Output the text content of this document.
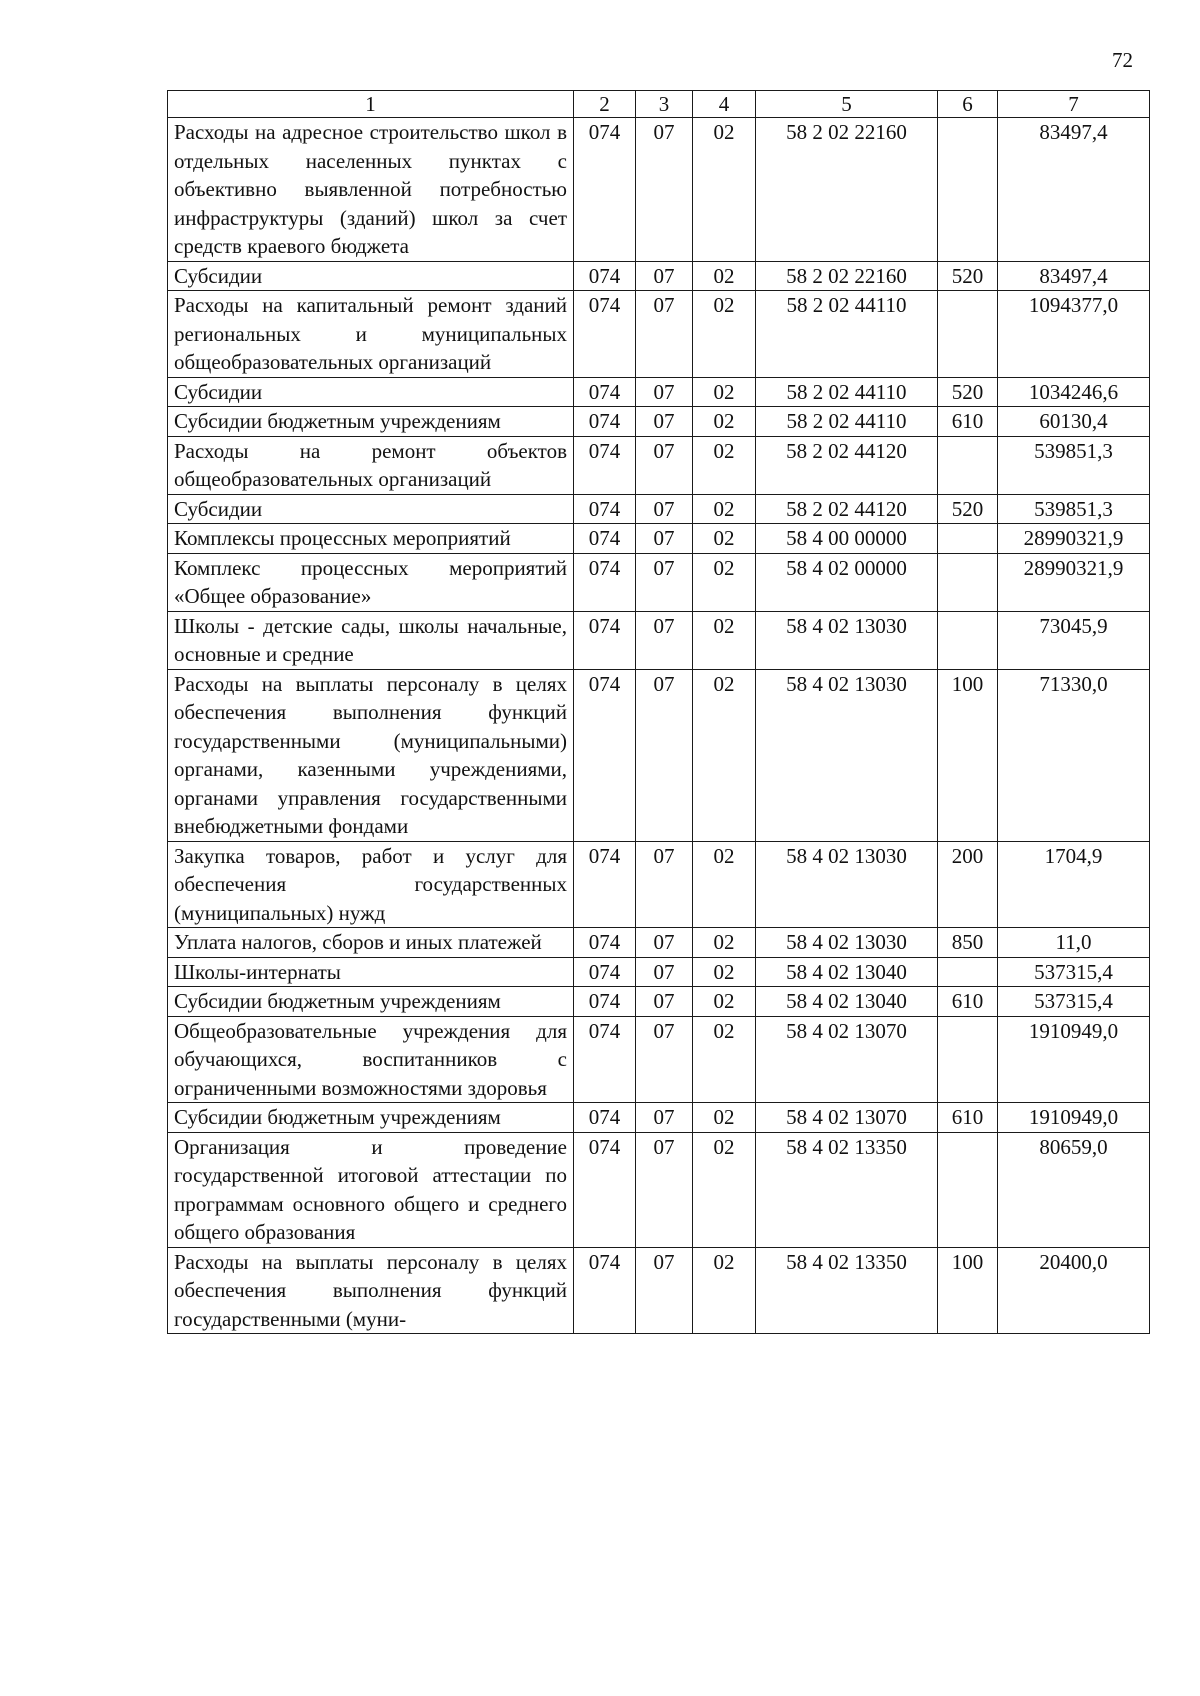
72
1	2	3	4	5	6	7
Расходы на адресное строительство школ в отдельных населенных пунктах с объективно выявленной потребностью инфраструктуры (зданий) школ за счет средств краевого бюджета	074	07	02	58 2 02 22160		83497,4
Субсидии	074	07	02	58 2 02 22160	520	83497,4
Расходы на капитальный ремонт зданий региональных и муниципальных общеобразовательных организаций	074	07	02	58 2 02 44110		1094377,0
Субсидии	074	07	02	58 2 02 44110	520	1034246,6
Субсидии бюджетным учреждениям	074	07	02	58 2 02 44110	610	60130,4
Расходы на ремонт объектов общеобразовательных организаций	074	07	02	58 2 02 44120		539851,3
Субсидии	074	07	02	58 2 02 44120	520	539851,3
Комплексы процессных мероприятий	074	07	02	58 4 00 00000		28990321,9
Комплекс процессных мероприятий «Общее образование»	074	07	02	58 4 02 00000		28990321,9
Школы - детские сады, школы начальные, основные и средние	074	07	02	58 4 02 13030		73045,9
Расходы на выплаты персоналу в целях обеспечения выполнения функций государственными (муниципальными) органами, казенными учреждениями, органами управления государственными внебюджетными фондами	074	07	02	58 4 02 13030	100	71330,0
Закупка товаров, работ и услуг для обеспечения государственных (муниципальных) нужд	074	07	02	58 4 02 13030	200	1704,9
Уплата налогов, сборов и иных платежей	074	07	02	58 4 02 13030	850	11,0
Школы-интернаты	074	07	02	58 4 02 13040		537315,4
Субсидии бюджетным учреждениям	074	07	02	58 4 02 13040	610	537315,4
Общеобразовательные учреждения для обучающихся, воспитанников с ограниченными возможностями здоровья	074	07	02	58 4 02 13070		1910949,0
Субсидии бюджетным учреждениям	074	07	02	58 4 02 13070	610	1910949,0
Организация и проведение государственной итоговой аттестации по программам основного общего и среднего общего образования	074	07	02	58 4 02 13350		80659,0
Расходы на выплаты персоналу в целях обеспечения выполнения функций государственными (муни-	074	07	02	58 4 02 13350	100	20400,0
